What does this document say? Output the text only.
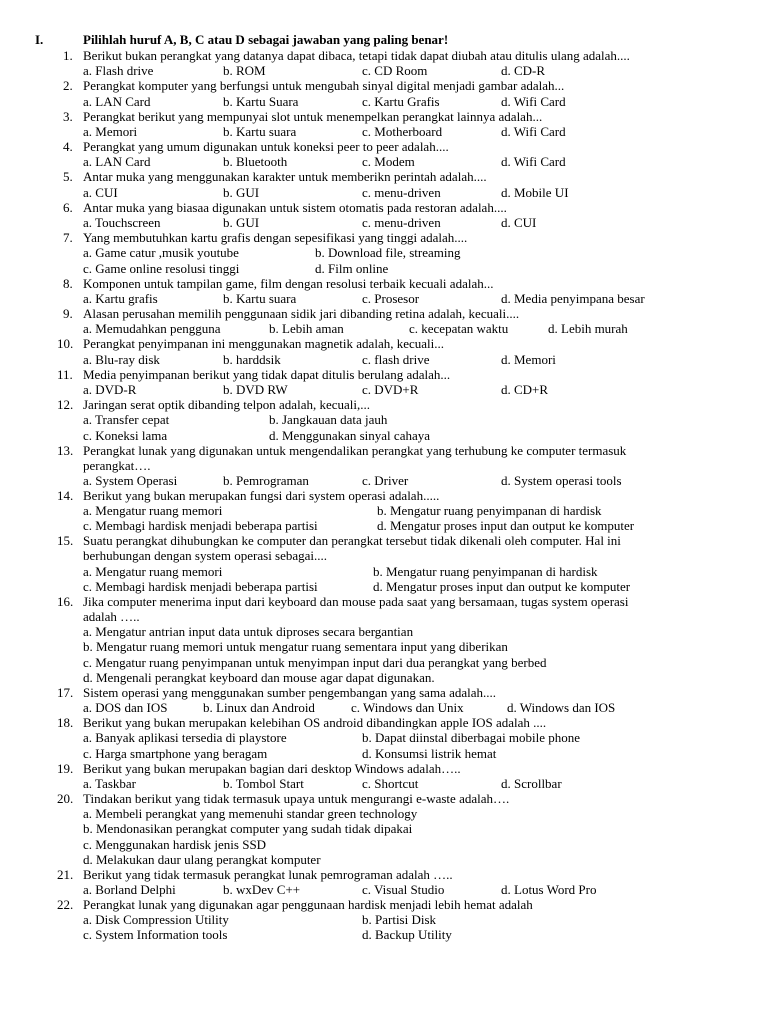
I.	Pilihlah huruf A, B, C atau D sebagai jawaban yang paling benar!
1. Berikut bukan perangkat yang datanya dapat dibaca, tetapi tidak dapat diubah atau ditulis ulang adalah....
a. Flash drive	b. ROM	c. CD Room	d. CD-R
2. Perangkat komputer yang berfungsi untuk mengubah sinyal digital menjadi gambar adalah...
a. LAN Card	b. Kartu Suara	c. Kartu Grafis	d. Wifi Card
3. Perangkat berikut yang mempunyai slot untuk menempelkan perangkat lainnya adalah...
a. Memori	b. Kartu suara	c. Motherboard	d. Wifi Card
4. Perangkat yang umum digunakan untuk koneksi peer to peer adalah....
a. LAN Card	b. Bluetooth	c. Modem	d. Wifi Card
5. Antar muka yang menggunakan karakter untuk memberikn perintah adalah....
a. CUI	b. GUI	c. menu-driven	d. Mobile UI
6. Antar muka yang biasaa digunakan untuk sistem otomatis pada restoran adalah....
a. Touchscreen	b. GUI	c. menu-driven	d. CUI
7. Yang membutuhkan kartu grafis dengan sepesifikasi yang tinggi adalah....
a. Game catur ,musik youtube	b. Download file, streaming
c. Game online resolusi tinggi	d. Film online
8. Komponen untuk tampilan game, film dengan resolusi terbaik kecuali adalah...
a. Kartu grafis	b. Kartu suara	c. Prosesor	d. Media penyimpana besar
9. Alasan perusahan memilih penggunaan sidik jari dibanding retina adalah, kecuali....
a. Memudahkan pengguna	b. Lebih aman	c. kecepatan waktu	d. Lebih murah
10. Perangkat penyimpanan ini menggunakan magnetik adalah, kecuali...
a. Blu-ray disk	b. harddsik	c. flash drive	d. Memori
11. Media penyimpanan berikut yang tidak dapat ditulis berulang adalah...
a. DVD-R	b. DVD RW	c. DVD+R	d. CD+R
12. Jaringan serat optik dibanding telpon adalah, kecuali,...
a. Transfer cepat	b. Jangkauan data jauh
c. Koneksi lama	d. Menggunakan sinyal cahaya
13. Perangkat lunak yang digunakan untuk mengendalikan perangkat yang terhubung ke computer termasuk
perangkat….
a. System Operasi	b. Pemrograman	c. Driver	d. System operasi tools
14. Berikut yang bukan merupakan fungsi dari system operasi adalah.....
a. Mengatur ruang memori	b. Mengatur ruang penyimpanan di hardisk
c. Membagi hardisk menjadi beberapa partisi	d. Mengatur proses input dan output ke komputer
15. Suatu perangkat dihubungkan ke computer dan perangkat tersebut tidak dikenali oleh computer. Hal ini
berhubungan dengan system operasi sebagai....
a. Mengatur ruang memori	b. Mengatur ruang penyimpanan di hardisk
c. Membagi hardisk menjadi beberapa partisi	d. Mengatur proses input dan output ke komputer
16. Jika computer menerima input dari keyboard dan mouse pada saat yang bersamaan, tugas system operasi
adalah …..
a. Mengatur antrian input data untuk diproses secara bergantian
b. Mengatur ruang memori untuk mengatur ruang sementara input yang diberikan
c. Mengatur ruang penyimpanan untuk menyimpan input dari dua perangkat yang berbed
d. Mengenali perangkat keyboard dan mouse agar dapat digunakan.
17. Sistem operasi yang menggunakan sumber pengembangan yang sama adalah....
a. DOS dan IOS	b. Linux dan Android	c. Windows dan Unix	d. Windows dan IOS
18. Berikut yang bukan merupakan kelebihan OS android dibandingkan apple IOS adalah ....
a. Banyak aplikasi tersedia di playstore	b. Dapat diinstal diberbagai mobile phone
c. Harga smartphone yang beragam	d. Konsumsi listrik hemat
19. Berikut yang bukan merupakan bagian dari desktop Windows adalah…..
a. Taskbar	b. Tombol Start	c. Shortcut	d. Scrollbar
20. Tindakan berikut yang tidak termasuk upaya untuk mengurangi e-waste adalah….
a. Membeli perangkat yang memenuhi standar green technology
b. Mendonasikan perangkat computer yang sudah tidak dipakai
c. Menggunakan hardisk jenis SSD
d. Melakukan daur ulang perangkat komputer
21. Berikut yang tidak termasuk perangkat lunak pemrograman adalah …..
a. Borland Delphi	b. wxDev C++	c. Visual Studio	d. Lotus Word Pro
22. Perangkat lunak yang digunakan agar penggunaan hardisk menjadi lebih hemat adalah
a. Disk Compression Utility	b. Partisi Disk
c. System Information tools	d. Backup Utility
